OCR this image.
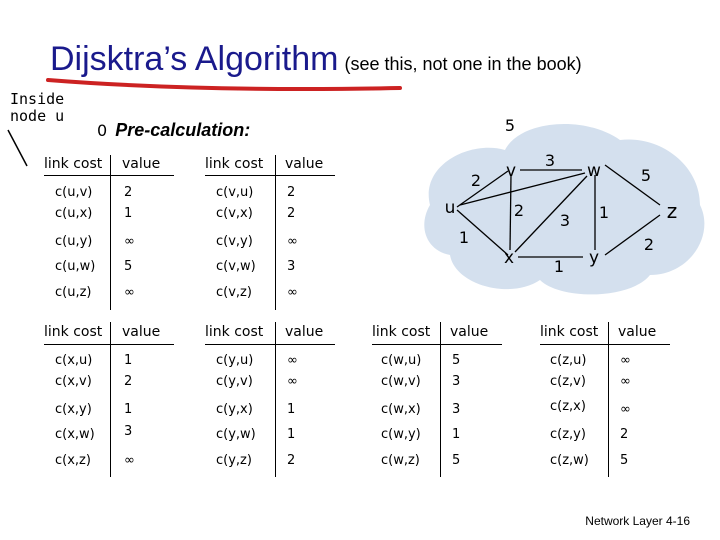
Dijsktra’s Algorithm (see this, not one in the book)
Inside
node u
0 Pre-calculation:
u
v	w
x	y
z
2
1
5
3
2
3
1
1
5
2
link cost value
c(u,v) 2
c(u,x) 1
c(u,y) ∞
c(u,w) 5
c(u,z)	∞
link cost value
c(v,u)	2
c(v,x)	2
c(v,y)	∞
c(v,w) 3
c(v,z)	∞
link cost value
c(x,u) 1
c(x,v) 2
c(x,y) 1
c(x,w) 3
c(x,z)	∞
link cost value
c(y,u)	∞
c(y,v)	∞
c(y,x)	1
c(y,w) 1
c(y,z)	2
link cost value
c(w,u) 5
c(w,v) 3
c(w,x) 3
c(w,y) 1
c(w,z) 5
link cost value
c(z,u)	∞
c(z,v)	∞
c(z,x)	∞
c(z,y)	2
c(z,w) 5
Network Layer 4-16
